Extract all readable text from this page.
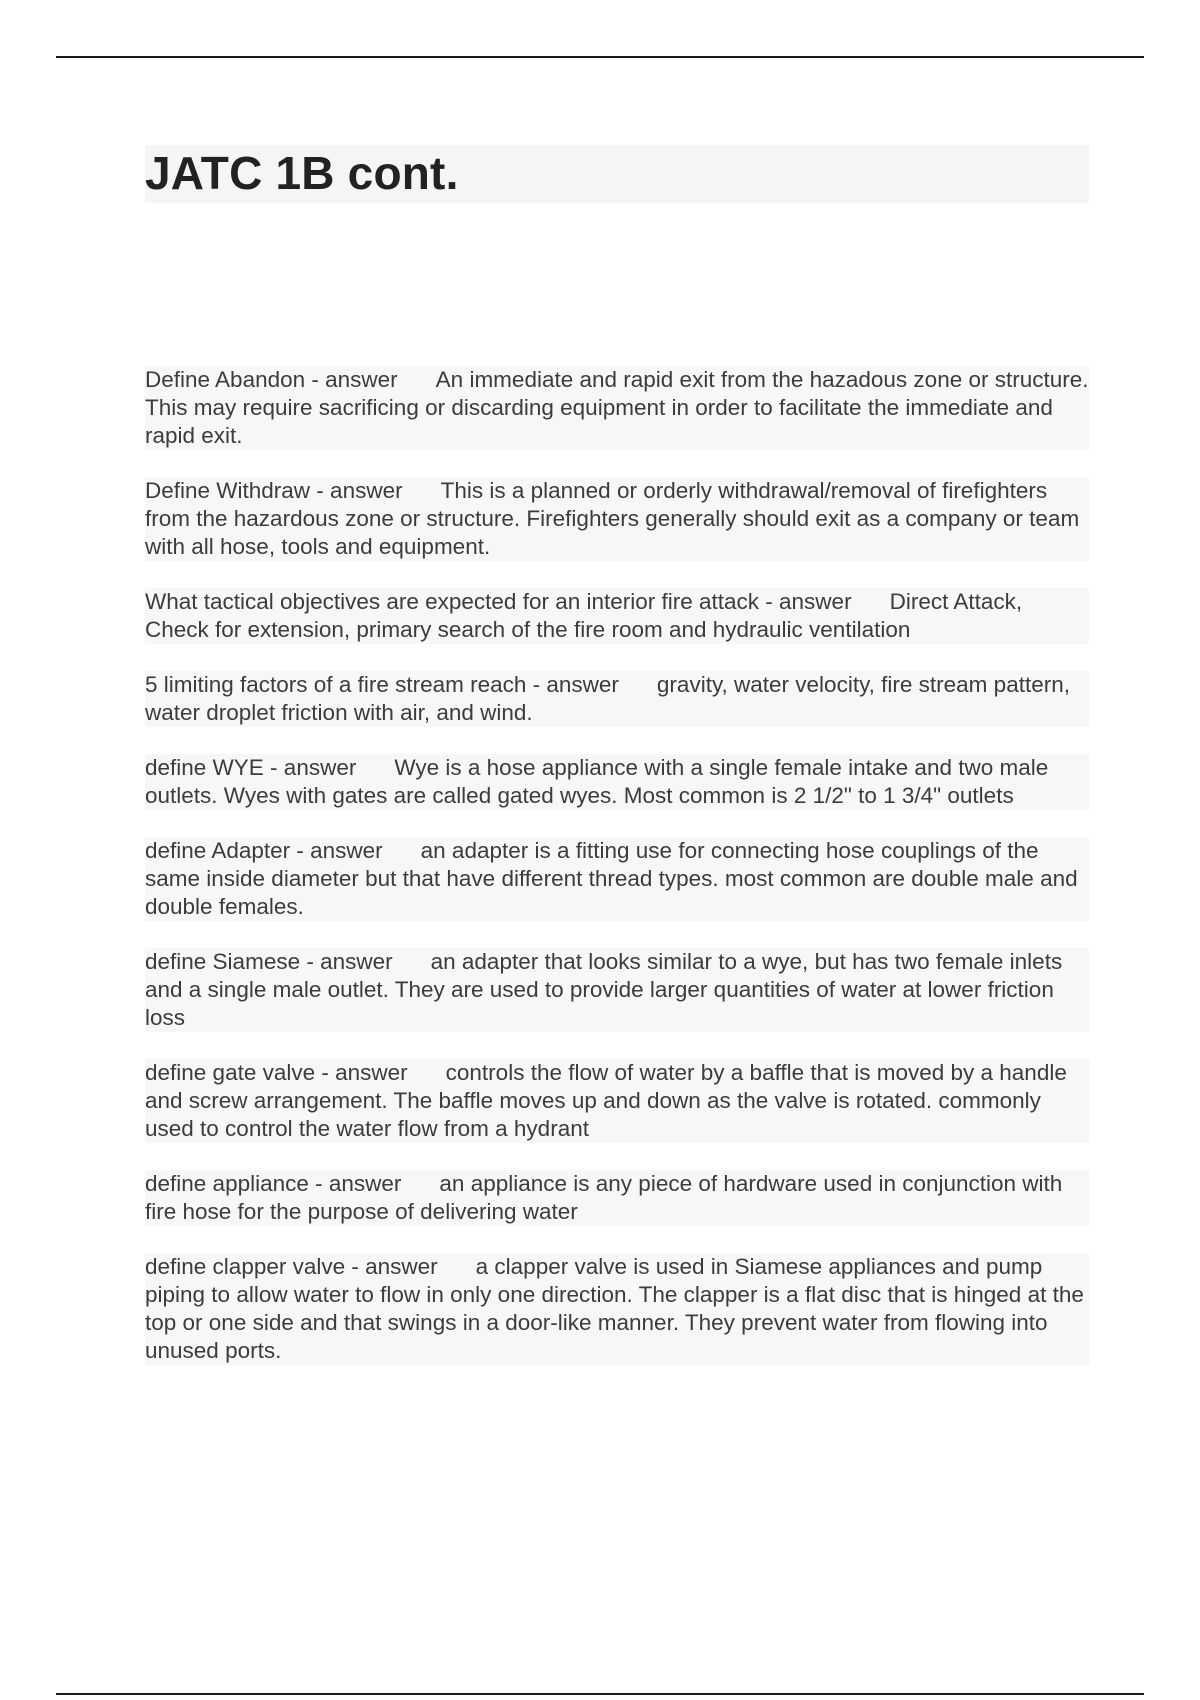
JATC 1B cont.
Define Abandon - answer An immediate and rapid exit from the hazadous zone or structure. This may require sacrificing or discarding equipment in order to facilitate the immediate and rapid exit.
Define Withdraw - answer This is a planned or orderly withdrawal/removal of firefighters from the hazardous zone or structure. Firefighters generally should exit as a company or team with all hose, tools and equipment.
What tactical objectives are expected for an interior fire attack - answer Direct Attack, Check for extension, primary search of the fire room and hydraulic ventilation
5 limiting factors of a fire stream reach - answer gravity, water velocity, fire stream pattern, water droplet friction with air, and wind.
define WYE - answer Wye is a hose appliance with a single female intake and two male outlets. Wyes with gates are called gated wyes. Most common is 2 1/2" to 1 3/4" outlets
define Adapter - answer an adapter is a fitting use for connecting hose couplings of the same inside diameter but that have different thread types. most common are double male and double females.
define Siamese - answer an adapter that looks similar to a wye, but has two female inlets and a single male outlet. They are used to provide larger quantities of water at lower friction loss
define gate valve - answer controls the flow of water by a baffle that is moved by a handle and screw arrangement. The baffle moves up and down as the valve is rotated. commonly used to control the water flow from a hydrant
define appliance - answer an appliance is any piece of hardware used in conjunction with fire hose for the purpose of delivering water
define clapper valve - answer a clapper valve is used in Siamese appliances and pump piping to allow water to flow in only one direction. The clapper is a flat disc that is hinged at the top or one side and that swings in a door-like manner. They prevent water from flowing into unused ports.
